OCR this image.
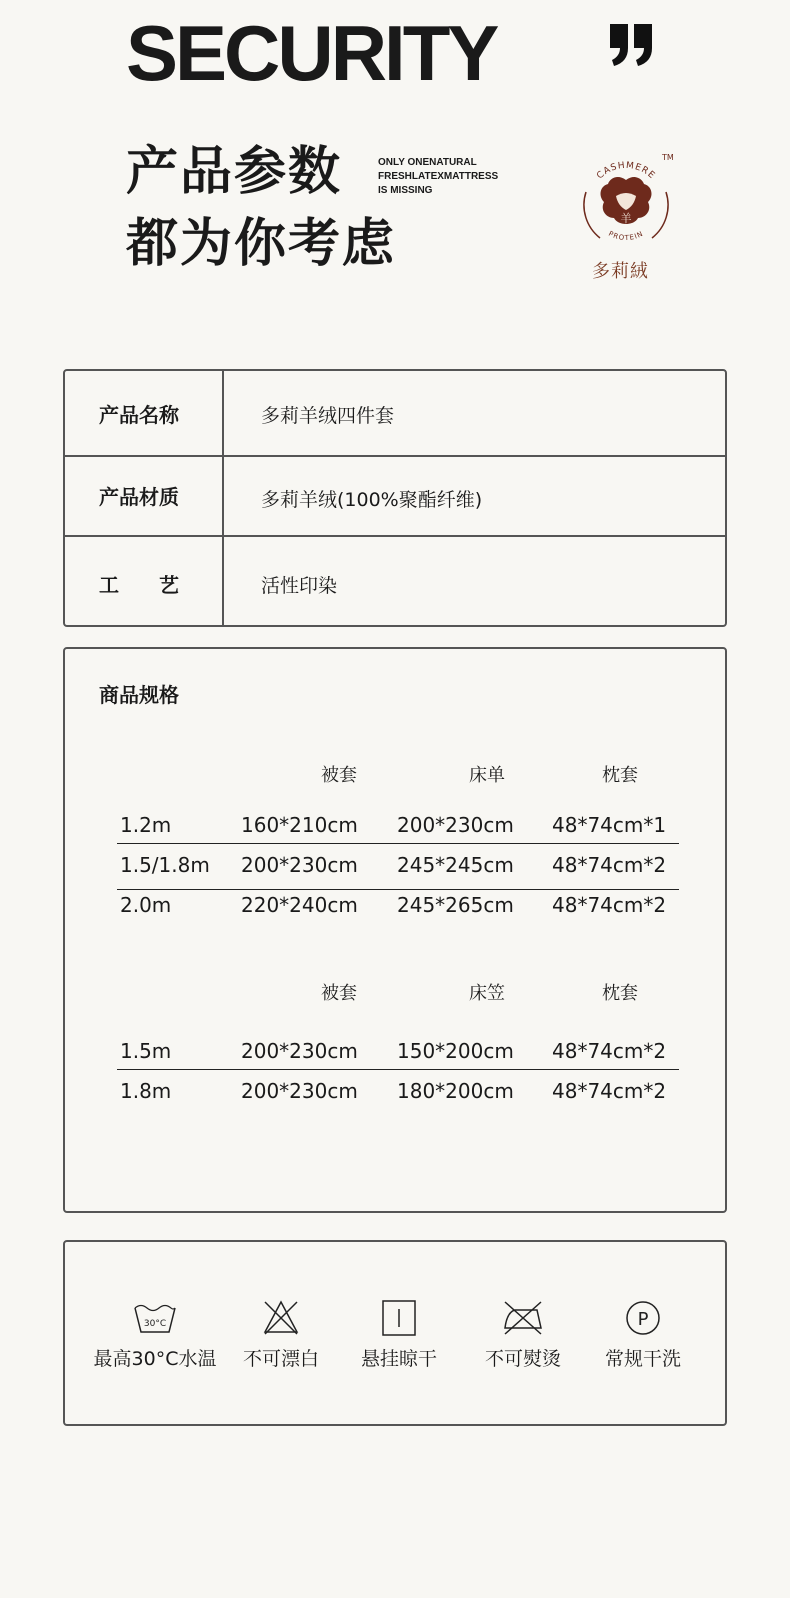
SECURITY
产品参数
都为你考虑
ONLY ONENATURAL
FRESHLATEXMATTRESS
IS MISSING
CASHMERE
PROTEIN
TM
羊
多莉絨
产品名称	多莉羊绒四件套
产品材质	多莉羊绒(100%聚酯纤维)
工　　艺	活性印染
商品规格
被套	床单	枕套
1.2m	160*210cm 200*230cm 48*74cm*1
1.5/1.8m 200*230cm 245*245cm 48*74cm*2
2.0m	220*240cm 245*265cm 48*74cm*2
被套	床笠	枕套
1.5m	200*230cm 150*200cm 48*74cm*2
1.8m	200*230cm 180*200cm 48*74cm*2
30°C
最高30°C水温	不可漂白	悬挂晾干	不可熨烫
P
常规干洗
